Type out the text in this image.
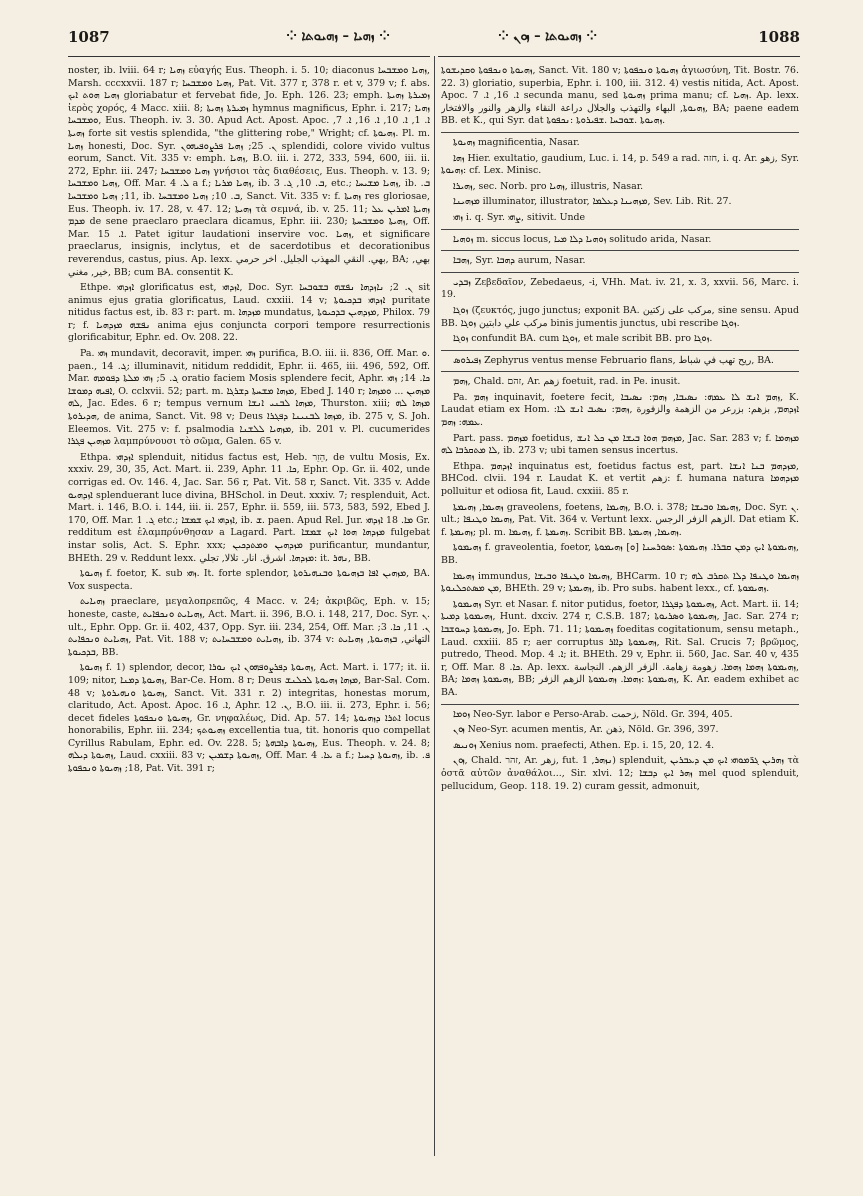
1087	⁘ ܙܗܝܐ – ܙܗܝܘܬܐ ⁘	⁘ ܙܗܝܘܬܐ – ܙܘܢ ⁘	1088

noster, ib. lviii. 64 r; ܙܗܝܐ εὐαγής Eus. Theoph. i. 5. 10; diaconus ܙܗܝܐ ܘܡܫܒܚܐ, Marsh. cccxxvii. 187 r; ܙܗܝܐ ܘܡܫܒܚܐ, Pat. Vit. 377 r, 378 r. et v, 379 v; f. abs. ܙܗܝܐ ܗܘܬ ܐܝܟ gloriabatur et fervebat fide, Jo. Eph. 126. 23; emph. ܙܡܝܪܬܐ ܙܗܝܬܐ ἱερὸς χορός, 4 Macc. xiii. 8; ܙܡܝܪܬܐ ܙܗܝܬܐ hymnus magnificus, Ephr. i. 217; ܙܗܝܐ ܘܡܫܒܚܐ, Eus. Theoph. iv. 3. 30. Apud Act. Apost. Apoc. ܐ. 1, ܐ. 10, ܐ. 16, ܐ. 7, ܙܗܝܬܐ forte sit vestis splendida, "the glittering robe," Wright; cf. ܙܗܝܘܬܐ. Pl. m. ܙܗܝܐ honesti, Doc. Syr. ܢ. 25; ܙܗܝܐ ܦܪܨܘܦܝܗܘܢ splendidi, colore vivido vultus eorum, Sanct. Vit. 335 v: emph. ܙܗܝܐ, B.O. iii. i. 272, 333, 594, 600, iii. ii. 272, Ephr. iii. 247; ܙܗܝܐ ܘܡܫܒܚܐ γνήσιοι τὰς διαθέσεις, Eus. Theoph. v. 13. 9; ܙܗܝܐ ܘܡܫܒܚܐ, Off. Mar. ܠ. 4 a f.; ܙܗܝܐ ܡܪܝܐ, ib. ܒ. 10, ܓ. 3, etc.; ܙܗܝܐ ܡܫܝܚܐ, ib. ܒ. 11; ܙܗܝܐ ܘܡܫܒܚܐ, ib. ܒ. 10; ܙܗܝܐ ܘܡܫܒܚܐ, Sanct. Vit. 335 v: f. ܙܗܝܬܐ res gloriosae, Eus. Theoph. iv. 17. 28, v. 47. 12; ܙܗܝܬܐ τὰ σεμνά, ib. v. 25. 11; ܙܗܝܬܐ ܐܡܪܝܢ ܥܠ ܡܕܡ de sene praeclaro praeclara dicamus, Ephr. iii. 230; ܙܗܝܬܐ ܘܡܫܒܚܬܐ, Off. Mar. ܐ. 15. Patet igitur laudationi inservire voc. ܙܗܝܐ, et significare praeclarus, insignis, inclytus, et de sacerdotibus et decorationibus reverendus, castus, pius. Ap. lexx. بهي. النقي المهذب الجليل. اخر حرمي, BA; بهي, خير, مغني, BB; cum BA. consentit K.

Ethpe. ܐܙܕܗܝ glorificatus est, ܐܙܕܗܝ, Doc. Syr. ܢ. 2; ܢܐܙܕܗܐ ܢܦܫܗ ܒܫܘܒܚܐ sit animus ejus gratia glorificatus, Laud. cxxiii. 14 v; ܐܙܕܗܝ ܒܕܟܝܘܬܐ puritate nitidus factus est, ib. 83 r: part. m. ܡܙܕܗܐ mundatus, ܡܙܕܗܝܢ ܒܕܟܝܘܬܐ, Philox. 79 r; f. ܢܦܫܗ ܡܙܕܗܝܐ anima ejus conjuncta corpori tempore resurrectionis glorificabitur, Ephr. ed. Ov. 208. 22.

Pa. ܙܗܝ mundavit, decoravit, imper. ܙܗܝ purifica, B.O. iii. ii. 836, Off. Mar. ܘ. paen., ܓ. 14; illuminavit, nitidum reddidit, Ephr. ii. 465, iii. 496, 592, Off. Mar. ܓ. 5; ܙܗܝ ܡܠܬܐ ܕܦܘܡܗ oratio faciem Mosis splendere fecit, Aphr. ܟܐ. 14; ܙܗܝ ܐܦܝܗ ܕܡܘܫܐ, O. cclxvii. 52; part. m. ܡܙܗܐ ܡܫܚܬܐ ܕܫܪܓܐ, Ebed J. 140 r; ܡܙܗܝܢ ... ܘܡܙܗܐ ܠܗ, Jac. Edes. 6 r; tempus vernum ܡܙܗܐ ܠܒܢܝ ܐܢܫܐ, Thurston. xiii; ܡܙܗܐ ܠܗ ܗܕܝܪܘܬܐ, de anima, Sanct. Vit. 98 v; Deus ܡܙܗܐ ܠܒܢܝܢܐ ܕܦܓܪܐ, ib. 275 v, S. Joh. Eleemos. Vit. 275 v: f. psalmodia ܡܙܗܝܐ ܠܠܫܢܐ, ib. 201 v. Pl. cucumerides ܡܙܗܝܢ ܦܓܪܐ λαμπρύνουσι τὸ σῶμα, Galen. 65 v.

Ethpa. ܐܙܕܗܝ splenduit, nitidus factus est, Heb. הֵזֵר, de vultu Mosis, Ex. xxxiv. 29, 30, 35, Act. Mart. ii. 239, Aphr. ܟܐ. 11, Ephr. Op. Gr. ii. 402, unde corrigas ed. Ov. 146. 4, Jac. Sar. 56 r, Pat. Vit. 58 r, Sanct. Vit. 335 v. Adde ܐܙܕܗܝܘ splenduerant luce divina, BHSchol. in Deut. xxxiv. 7; resplenduit, Act. Mart. i. 146, B.O. i. 144, iii. ii. 257, Ephr. ii. 559, iii. 573, 583, 592, Ebed J. 170, Off. Mar. ܓ. 1 etc.; ܐܙܕܗܝ ܐܝܟ ܫܡܫܐ, ib. ܫ. paen. Apud Rel. Jur. ܡܐ. 18 ܐܙܕܗܝ Gr. redditum est ἐλαμπρύνθησαν a Lagard. Part. ܡܙܕܗܐ ܗܘܐ ܐܝܟ ܫܡܫܐ fulgebat instar solis, Act. S. Ephr. xxx; ܡܙܕܗܝܢ ܘܡܬܕܟܝܢ purificantur, mundantur, BHEth. 29 v. Reddunt lexx. ܡܙܕܗܐ. اشرق. انار. تلالا, تجلي: it. ܢܗܪ, BB.

ܙܗܝܘܬܐ f. foetor, K. sub ܙܗܝ. It. forte splendor, ܡܙܗܝܢ ܐܦܐ ܒܙܗܝܘܬܐ ܘܒܢܗܝܪܘܬܐ, BA. Vox suspecta.

ܙܗܝܐܝܬ praeclare, μεγαλοπρεπῶς, 4 Macc. v. 24; ἀκριβῶς, Eph. v. 15; honeste, caste, ܙܗܝܐܝܬ ܘܢܟܦܐܝܬ, Act. Mart. ii. 396, B.O. i. 148, 217, Doc. Syr. ܢ. ult., Ephr. Opp. Gr. ii. 402, 437, Opp. Syr. iii. 234, 254, Off. Mar. ܢ. 11, ܟܐ. 3; ܙܗܝܐܝܬ ܘܢܟܦܐܝܬ, Pat. Vit. 188 v; ܙܗܝܐܝܬ ܘܡܫܒܚܐܝܬ, ib. 374 v: التهاني, ܒܙܗܝܘܬܐ, ܙܗܝܐܝܬ ܒܕܟܝܘܬܐ, BB.

ܙܗܝܘܬܐ f. 1) splendor, decor, ܙܗܝܘܬܐ ܕܦܪܨܘܦܗܘܢ ܐܝܟ ܢܘܪܐ, Act. Mart. i. 177; it. ii. 109; nitor, ܙܗܝܘܬܐ ܕܡܢܐ, Bar-Ce. Hom. 8 r; Deus ܡܙܗܐ ܙܗܝܘܬܐ ܠܟܠܢܫ, Bar-Sal. Com. 48 v; ܙܗܝܘܬܐ ܘܢܗܝܪܘܬܐ, Sanct. Vit. 331 r. 2) integritas, honestas morum, claritudo, Act. Apost. Apoc. ܐ. 16, Aphr. ܢ. 12, B.O. iii. ii. 273, Ephr. i. 56; decet fideles ܙܗܝܘܬܐ ܘܢܟܦܘܬܐ, Gr. νηφαλέως, Did. Ap. 57. 14; ܐܬܪܐ ܕܙܗܝܘܬܐ locus honorabilis, Ephr. iii. 234; ܙܗܝܘܬܟ excellentia tua, tit. honoris quo compellat Cyrillus Rabulam, Ephr. ed. Ov. 228. 5; ܙܗܝܘܬܐ ܕܐܒܗܬܐ, Eus. Theoph. v. 24. 8; ܙܗܝܘܬܐ ܕܝܠܗ, Laud. cxxiii. 83 v; ܙܗܝܘܬܐ ܕܫܡܝܢ, Off. Mar. ܥܐ. 4 a f.; ܙܗܝܘܬܐ ܕܚܝܐ, ib. ܦ. 18; ܙܗܝܘܬܐ ܘܢܟܦܘܬܐ, Pat. Vit. 391 r;

ܙܗܝܘܬܐ ܘܢܟܦܘܬܐ ܘܩܕܝܫܘܬܐ, Sanct. Vit. 180 v; ܙܗܝܘܬܐ ܘܢܟܦܘܬܐ ἁγιωσύνη, Tit. Bostr. 76. 22. 3) gloriatio, superbia, Ephr. i. 100, iii. 312. 4) vestis nitida, Act. Apost. Apoc. ܐ. 16, ܐ. 7 secunda manu, sed ܙܗܝܘܬܐ prima manu; cf. ܙܗܝܐ. Ap. lexx. ܙܗܝܘܬܐ, البهاء والتهذب والجلال دراعة النقاء والزهر والنور والافتخار, BA; paene eadem BB. et K., qui Syr. dat ܙܗܝܘܬܐ .ܫܘܒܚܐ .ܫܦܝܪܘܬܐ :ܢܟܦܘܬܐ.

ܙܗܝܘܬܐ magnificentia, Nasar.

ܙܗܐ Hier. exultatio, gaudium, Luc. i. 14, p. 549 a rad. חזה, i. q. Ar. زهو, Syr. ܙܗܝܘܬܐ: cf. Lex. Minisc.

ܙܗܝܪܐ, sec. Norb. pro ܙܗܝܐ, illustris, Nasar.

ܡܙܗܝܢܐ illuminator, illustrator, ܡܙܗܝܢܐ ܕܥܠܡܐ, Sev. Lib. Rit. 27.

ܙܗܝ i. q. Syr. ܨܗܝ, sitivit. Unde

ܙܘܗܝܐ m. siccus locus, ܙܘܗܝܐ ܕܠܐ ܡܝܐ solitudo arida, Nasar.

ܙܗܒܐ, Syr. ܕܗܒܐ aurum, Nasar.

ܙܒܕܝ Ζεβεδαῖον, Zebedaeus, -i, VHh. Mat. iv. 21, x. 3, xxvii. 56, Marc. i. 19.

ܙܘܓܐ (ζευκτός, jugo junctus; exponit BA. مركب على زكتين, sine sensu. Apud BB. مركب علي دابتين ܙܘܓܐ binis jumentis junctus, ubi rescribe ܙܘܓܐ.

ܙܘܓܐ confundit BA. cum ܙܘܓܐ, et male scribit BB. pro ܙܘܓܐ.

ܙܦܝܪܘܣ Zephyrus ventus mense Februario flans, ريح تهب في شباط, BA.

ܙܗܡ, Chald. זהם, Ar. زهم foetuit, rad. in Pe. inusit.

Pa. ܙܗܡ inquinavit, foetere fecit, ܙܗܡ ܐܢܫ ܠܐ ܥܡܗ: ܢܣܝܒܐ, ܙܗܡ: ܢܣܝܒܐ, K. Laudat etiam ex Hom. :ܐܙܕܗܡ, بزهم: بزرعر من الزهمة والزفورة ,ܙܗܡ: ܢܣܝܒ ܐܢܫ ܠܐ ܥܡܗ: ܙܗܡ.

Part. pass. ܡܙܗܡ foetidus, ܡܙܗܡ ܗܘܐ ܒܝܫܐ ܡܢ ܟܠ ܐܢܫ, Jac. Sar. 283 v; f. ܡܙܗܡܐ ܠܐ ܡܬܩܪܒܐ ܠܗ, ib. 273 v; ubi tamen sensus incertus.

Ethpa. ܐܙܕܗܡ inquinatus est, foetidus factus est, part. ܡܙܕܗܡ ܒܢܐ ܐܢܫܐ, BHCod. clvii. 194 r. Laudat K. et vertit زهم: f. humana natura ܡܙܕܗܡܐ polluitur et odiosa fit, Laud. cxxiii. 85 r.

ܙܗܝܡܐ, ܙܗܝܡܬܐ graveolens, foetens, ܙܗܝܡܐ, B.O. i. 378; ܙܗܝܡܐ ܘܒܝܫܐ, Doc. Syr. ܢ. ult.; ܙܗܝܡܐ ܘܛܢܦܐ, Pat. Vit. 364 v. Vertunt lexx. الزهم الزفر الرجس. Dat etiam K. f. ܙܗܝܡܬܐ; pl. m. ܙܗܝܡܐ, f. ܙܗܝܡܬܐ. Scribit BB. ܙܗܝܡܐ, ܙܗܝܡܬܐ.

ܙܗܝܡܘܬܐ f. graveolentia, foetor, ܙܗܝܡܘܬܐ ܐܝܟ ܕܡܢ ܩܒܪܐ. ܙܗܝܡܘܬܐ :ܣܘܪܚܢܐ [ܘ] ܙܗܝܡܘܬܐ, BB.

ܙܗܝܡܐ immundus, ܙܗܝܡܐ ܘܛܢܦܐ ܘܒܝܫܐ, BHCarm. 10 r; ܙܗܝܡܐ ܘܛܢܦܐ ܕܠܐ ܬܩܪܒ ܠܗ ܡܢ ܡܣܬܟܠܢܘܬܐ, BHEth. 29 v; ܙܗܝܡܬܐ, ib. Pro subs. habent lexx., cf. ܙܗܝܡܘܬܐ.

ܙܗܝܡܘܬܐ Syr. et Nasar. f. nitor putidus, foetor, ܙܗܝܡܘܬܐ ܕܦܓܪܐ, Act. Mart. ii. 14; ܙܗܝܡܘܬܐ ܕܡܝܬܐ, Hunt. dxciv. 274 r, C.S.B. 187; ܙܗܝܡܘܬܐ ܘܣܪܝܘܬܐ, Jac. Sar. 274 r; ܙܗܝܡܘܬܐ ܕܚܘܫܒܐ, Jo. Eph. 71. 11; ܙܗܝܡܘܬܐ foeditas cogitationum, sensu metaph., Laud. cxxiii. 85 r; aer corruptus ܙܗܝܡܘܬܐ ܕܐܐܪ, Rit. Sal. Crucis 7; βρῶμος, putredo, Theod. Mop. ܐ. 4; it. BHEth. 29 v, Ephr. ii. 560, Jac. Sar. 40 v, 435 r, Off. Mar. ܟܐ. 8. Ap. lexx. ܙܗܝܡܘܬܐ ܙܗܡܐ ܙܗܡܐ. زهومة زهامة. الزفر الزهم. النجاسة, BA; ܙܗܝܡܘܬܐ ܙܗܡܐ, BB; ܙܗܝܡܘܬܐ :ܙܗܡܐ. ܙܗܝܡܘܬܐ الزهم الزفر, K. Ar. eadem exhibet ac BA.

ܙܘܡܐ Neo-Syr. labor e Perso-Arab. زحمت, Nöld. Gr. 394, 405.

ܙܘܢ Neo-Syr. acumen mentis, Ar. ذهن, Nöld. Gr. 396, 397.

ܙܘܢܝܣ Xenius nom. praefecti, Athen. Ep. i. 15, 20, 12. 4.

ܙܘܢ, Chald. זהר, Ar. زهر, fut. ܢܙܗܪ, 1) splenduit, ܙܗܪܝܢ ܓܪ̈ܡܘܗܝ ܐܝܟ ܡܢ ܕܥܒܪܝܢ τὰ ὀστᾶ αὐτῶν ἀναθάλοι..., Sir. xlvi. 12; ܙܗܪ ܐܝܟ ܕܒܫܐ mel quod splenduit, pellucidum, Geop. 118. 19. 2) curam gessit, admonuit,
